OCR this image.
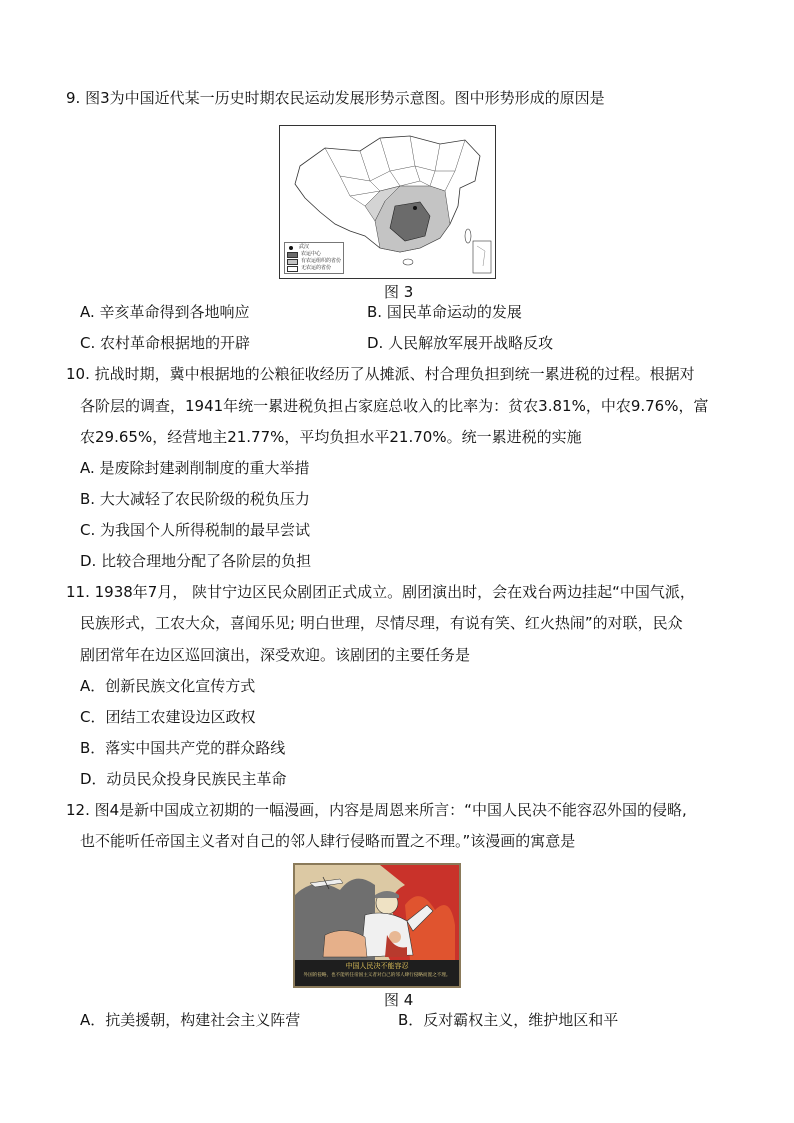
9. 图3为中国近代某一历史时期农民运动发展形势示意图。图中形势形成的原因是
武汉
农运中心
有农运组织的省份
无农运的省份
图 3
A. 辛亥革命得到各地响应	B. 国民革命运动的发展
C. 农村革命根据地的开辟	D. 人民解放军展开战略反攻
10. 抗战时期，冀中根据地的公粮征收经历了从摊派、村合理负担到统一累进税的过程。根据对
各阶层的调查，1941年统一累进税负担占家庭总收入的比率为：贫农3.81%，中农9.76%，富
农29.65%，经营地主21.77%，平均负担水平21.70%。统一累进税的实施
A. 是废除封建剥削制度的重大举措
B. 大大减轻了农民阶级的税负压力
C. 为我国个人所得税制的最早尝试
D. 比较合理地分配了各阶层的负担
11. 1938年7月， 陕甘宁边区民众剧团正式成立。剧团演出时，会在戏台两边挂起“中国气派，
民族形式，工农大众，喜闻乐见; 明白世理，尽情尽理，有说有笑、红火热闹”的对联，民众
剧团常年在边区巡回演出，深受欢迎。该剧团的主要任务是
A．创新民族文化宣传方式
C．团结工农建设边区政权
B．落实中国共产党的群众路线
D．动员民众投身民族民主革命
12. 图4是新中国成立初期的一幅漫画，内容是周恩来所言：“中国人民决不能容忍外国的侵略,
也不能听任帝国主义者对自己的邻人肆行侵略而置之不理。”该漫画的寓意是
中国人民决不能容忍
外国的侵略，也不能听任帝国主义者对自己的邻人肆行侵略而置之不理。
图 4
A．抗美援朝，构建社会主义阵营	B．反对霸权主义，维护地区和平
